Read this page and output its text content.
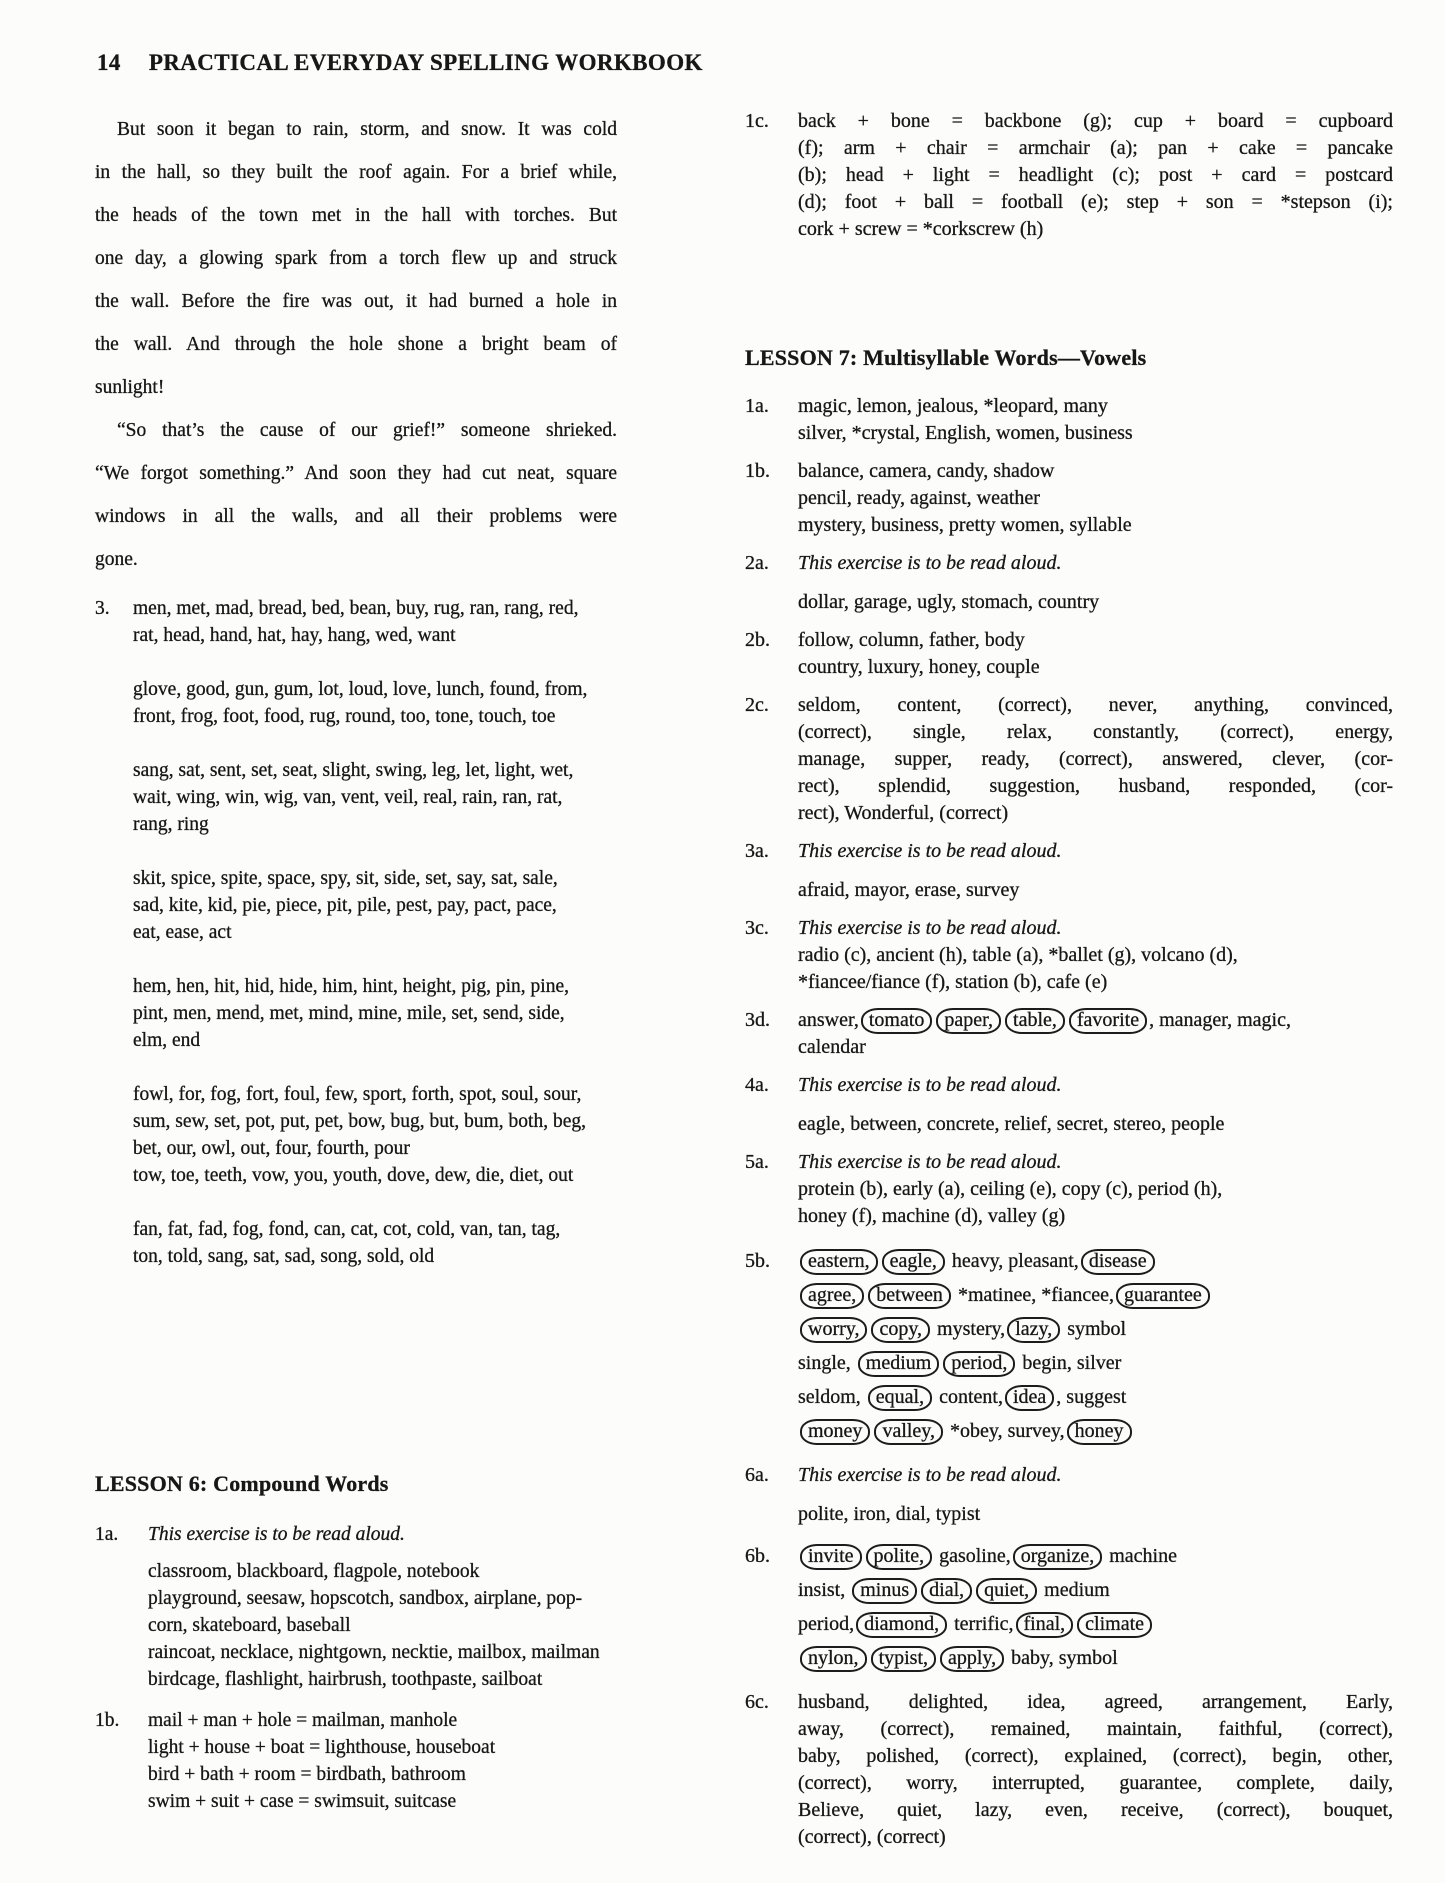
14 PRACTICAL EVERYDAY SPELLING WORKBOOK
But soon it began to rain, storm, and snow. It was cold
in the hall, so they built the roof again. For a brief while,
the heads of the town met in the hall with torches. But
one day, a glowing spark from a torch flew up and struck
the wall. Before the fire was out, it had burned a hole in
the wall. And through the hole shone a bright beam of
sunlight!
“So that’s the cause of our grief!” someone shrieked.
“We forgot something.” And soon they had cut neat, square
windows in all the walls, and all their problems were
gone.
3.	men, met, mad, bread, bed, bean, buy, rug, ran, rang, red,
rat, head, hand, hat, hay, hang, wed, want
glove, good, gun, gum, lot, loud, love, lunch, found, from,
front, frog, foot, food, rug, round, too, tone, touch, toe
sang, sat, sent, set, seat, slight, swing, leg, let, light, wet,
wait, wing, win, wig, van, vent, veil, real, rain, ran, rat,
rang, ring
skit, spice, spite, space, spy, sit, side, set, say, sat, sale,
sad, kite, kid, pie, piece, pit, pile, pest, pay, pact, pace,
eat, ease, act
hem, hen, hit, hid, hide, him, hint, height, pig, pin, pine,
pint, men, mend, met, mind, mine, mile, set, send, side,
elm, end
fowl, for, fog, fort, foul, few, sport, forth, spot, soul, sour,
sum, sew, set, pot, put, pet, bow, bug, but, bum, both, beg,
bet, our, owl, out, four, fourth, pour
tow, toe, teeth, vow, you, youth, dove, dew, die, diet, out
fan, fat, fad, fog, fond, can, cat, cot, cold, van, tan, tag,
ton, told, sang, sat, sad, song, sold, old
LESSON 6: Compound Words
1a.	This exercise is to be read aloud.
classroom, blackboard, flagpole, notebook
playground, seesaw, hopscotch, sandbox, airplane, pop-
corn, skateboard, baseball
raincoat, necklace, nightgown, necktie, mailbox, mailman
birdcage, flashlight, hairbrush, toothpaste, sailboat
1b.	mail + man + hole = mailman, manhole
light + house + boat = lighthouse, houseboat
bird + bath + room = birdbath, bathroom
swim + suit + case = swimsuit, suitcase
1c.	back + bone = backbone (g); cup + board = cupboard
(f); arm + chair = armchair (a); pan + cake = pancake
(b); head + light = headlight (c); post + card = postcard
(d); foot + ball = football (e); step + son = *stepson (i);
cork + screw = *corkscrew (h)
LESSON 7: Multisyllable Words—Vowels
1a.	magic, lemon, jealous, *leopard, many
silver, *crystal, English, women, business
1b.	balance, camera, candy, shadow
pencil, ready, against, weather
mystery, business, pretty women, syllable
2a.	This exercise is to be read aloud.
dollar, garage, ugly, stomach, country
2b.	follow, column, father, body
country, luxury, honey, couple
2c.	seldom, content, (correct), never, anything, convinced,
(correct), single, relax, constantly, (correct), energy,
manage, supper, ready, (correct), answered, clever, (cor-
rect), splendid, suggestion, husband, responded, (cor-
rect), Wonderful, (correct)
3a.	This exercise is to be read aloud.
afraid, mayor, erase, survey
3c.	This exercise is to be read aloud.
radio (c), ancient (h), table (a), *ballet (g), volcano (d),
*fiancee/fiance (f), station (b), cafe (e)
3d.	answer, tomato paper, table, favorite , manager, magic,
calendar
4a.	This exercise is to be read aloud.
eagle, between, concrete, relief, secret, stereo, people
5a.	This exercise is to be read aloud.
protein (b), early (a), ceiling (e), copy (c), period (h),
honey (f), machine (d), valley (g)
5b.	eastern, eagle, heavy, pleasant, disease
agree, between *matinee, *fiancee, guarantee
worry, copy, mystery, lazy, symbol
single, medium period, begin, silver
seldom, equal, content, idea , suggest
money valley, *obey, survey, honey
6a.	This exercise is to be read aloud.
polite, iron, dial, typist
6b.	invite polite, gasoline, organize, machine
insist, minus dial, quiet, medium
period, diamond, terrific, final, climate
nylon, typist, apply, baby, symbol
6c.	husband, delighted, idea, agreed, arrangement, Early,
away, (correct), remained, maintain, faithful, (correct),
baby, polished, (correct), explained, (correct), begin, other,
(correct), worry, interrupted, guarantee, complete, daily,
Believe, quiet, lazy, even, receive, (correct), bouquet,
(correct), (correct)
